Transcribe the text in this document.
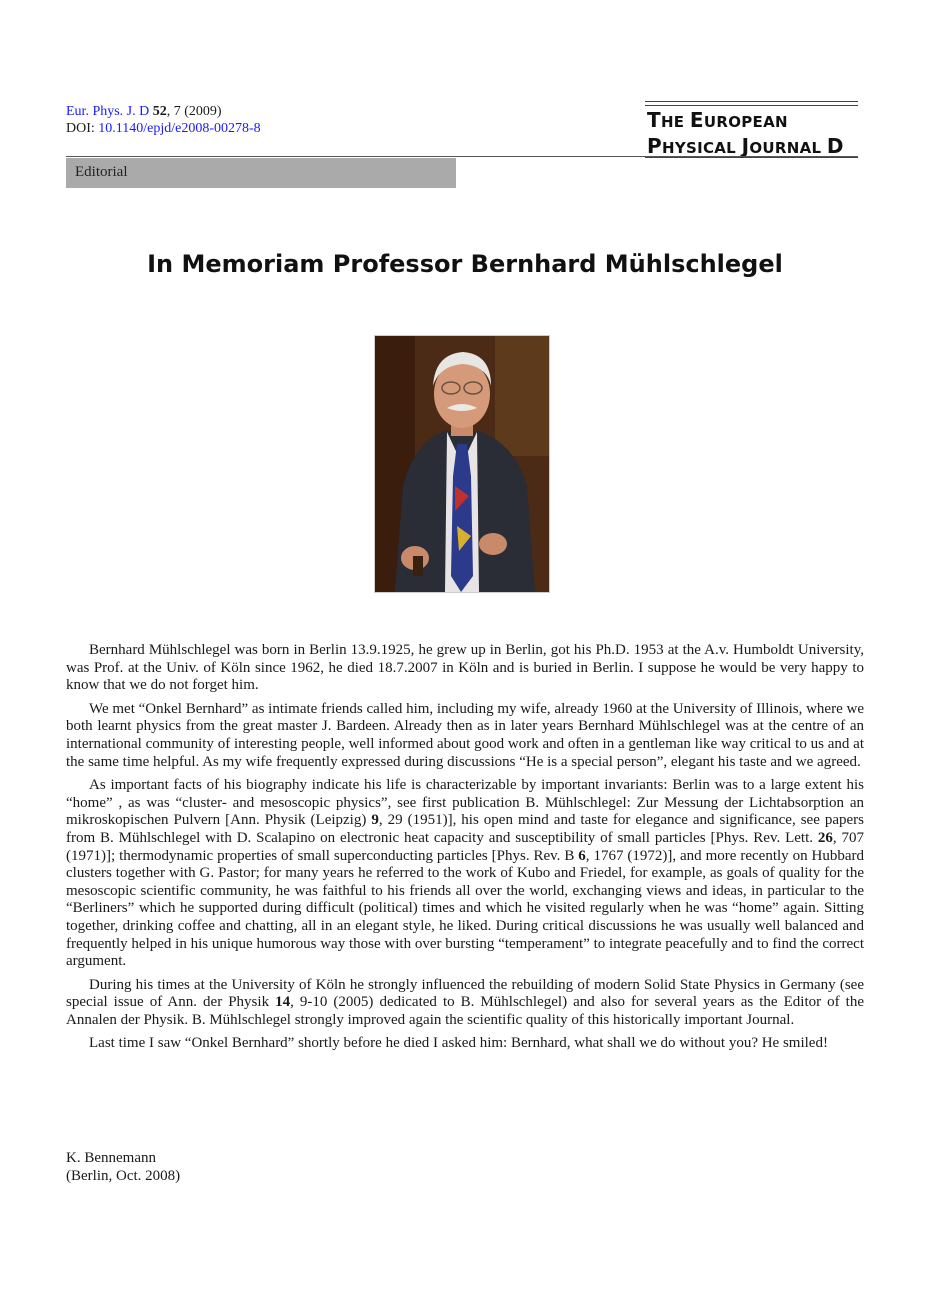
Eur. Phys. J. D 52, 7 (2009)
DOI: 10.1140/epjd/e2008-00278-8	THE EUROPEAN
PHYSICAL JOURNAL D
Editorial
In Memoriam Professor Bernhard Mühlschlegel

Bernhard Mühlschlegel was born in Berlin 13.9.1925, he grew up in Berlin, got his Ph.D. 1953 at the A.v. Humboldt University, was Prof. at the Univ. of Köln since 1962, he died 18.7.2007 in Köln and is buried in Berlin. I suppose he would be very happy to know that we do not forget him.

We met “Onkel Bernhard” as intimate friends called him, including my wife, already 1960 at the University of Illinois, where we both learnt physics from the great master J. Bardeen. Already then as in later years Bernhard Mühlschlegel was at the centre of an international community of interesting people, well informed about good work and often in a gentleman like way critical to us and at the same time helpful. As my wife frequently expressed during discussions “He is a special person”, elegant his taste and we agreed.

As important facts of his biography indicate his life is characterizable by important invariants: Berlin was to a large extent his “home” , as was “cluster- and mesoscopic physics”, see first publication B. Mühlschlegel: Zur Messung der Lichtabsorption an mikroskopischen Pulvern [Ann. Physik (Leipzig) 9, 29 (1951)], his open mind and taste for elegance and significance, see papers from B. Mühlschlegel with D. Scalapino on electronic heat capacity and susceptibility of small particles [Phys. Rev. Lett. 26, 707 (1971)]; thermodynamic properties of small superconducting particles [Phys. Rev. B 6, 1767 (1972)], and more recently on Hubbard clusters together with G. Pastor; for many years he referred to the work of Kubo and Friedel, for example, as goals of quality for the mesoscopic scientific community, he was faithful to his friends all over the world, exchanging views and ideas, in particular to the “Berliners” which he supported during difficult (political) times and which he visited regularly when he was “home” again. Sitting together, drinking coffee and chatting, all in an elegant style, he liked. During critical discussions he was usually well balanced and frequently helped in his unique humorous way those with over bursting “temperament” to integrate peacefully and to find the correct argument.

During his times at the University of Köln he strongly influenced the rebuilding of modern Solid State Physics in Germany (see special issue of Ann. der Physik 14, 9-10 (2005) dedicated to B. Mühlschlegel) and also for several years as the Editor of the Annalen der Physik. B. Mühlschlegel strongly improved again the scientific quality of this historically important Journal.

Last time I saw “Onkel Bernhard” shortly before he died I asked him: Bernhard, what shall we do without you? He smiled!

K. Bennemann
(Berlin, Oct. 2008)
